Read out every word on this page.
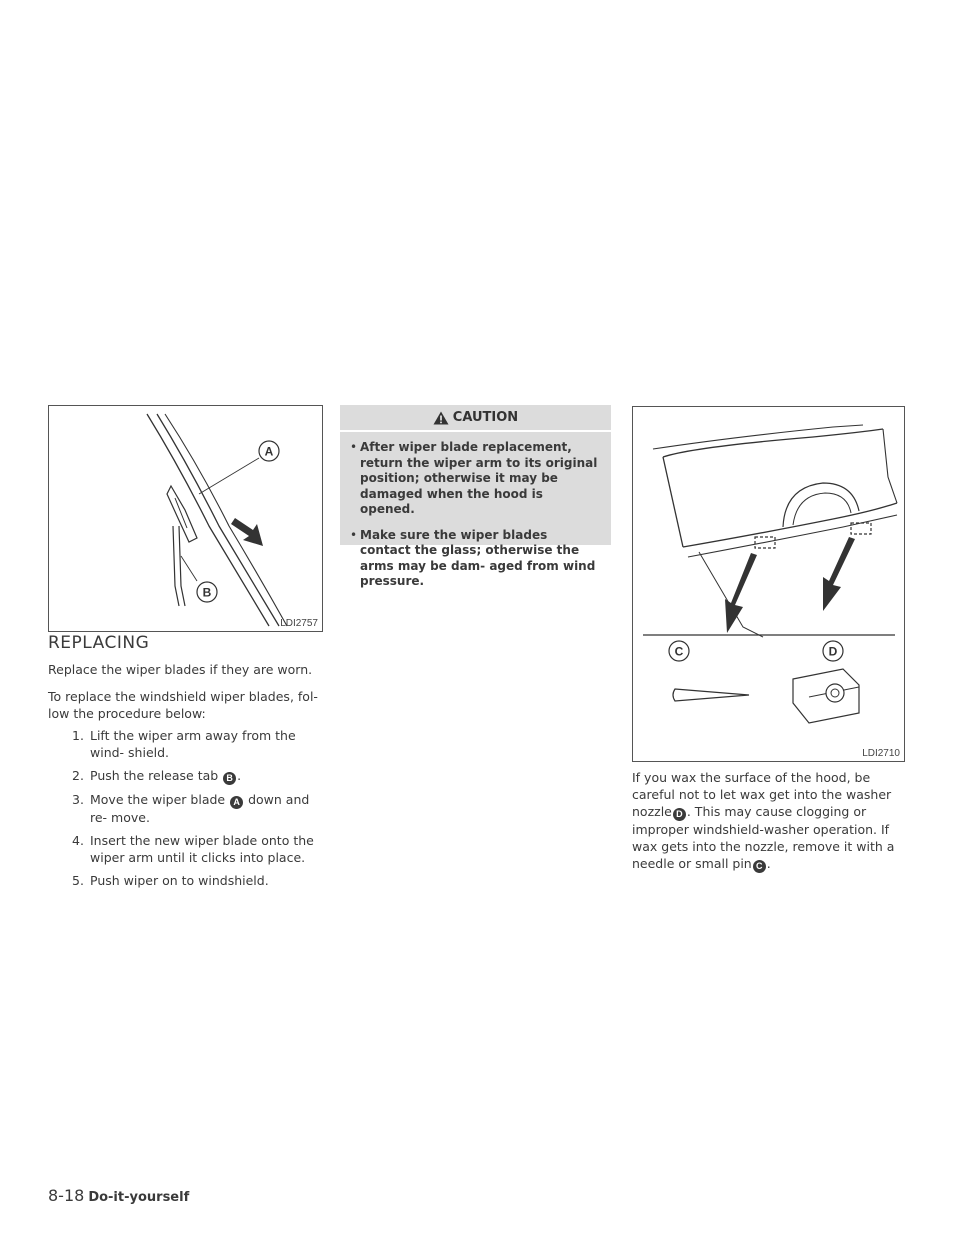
A
B
LDI2757
REPLACING

Replace the wiper blades if they are worn.

To replace the windshield wiper blades, fol- low the procedure below:

1. Lift the wiper arm away from the wind- shield.
2. Push the release tab B .
3. Move the wiper blade A down and re- move.
4. Insert the new wiper blade onto the wiper arm until it clicks into place.
5. Push wiper on to windshield.
CAUTION
• After wiper blade replacement, return the wiper arm to its original position; otherwise it may be damaged when the hood is opened.
• Make sure the wiper blades contact the glass; otherwise the arms may be dam- aged from wind pressure.
C	D
LDI2710

If you wax the surface of the hood, be careful not to let wax get into the washer nozzle D . This may cause clogging or improper windshield-washer operation. If wax gets into the nozzle, remove it with a needle or small pin C .

8-18 Do-it-yourself
